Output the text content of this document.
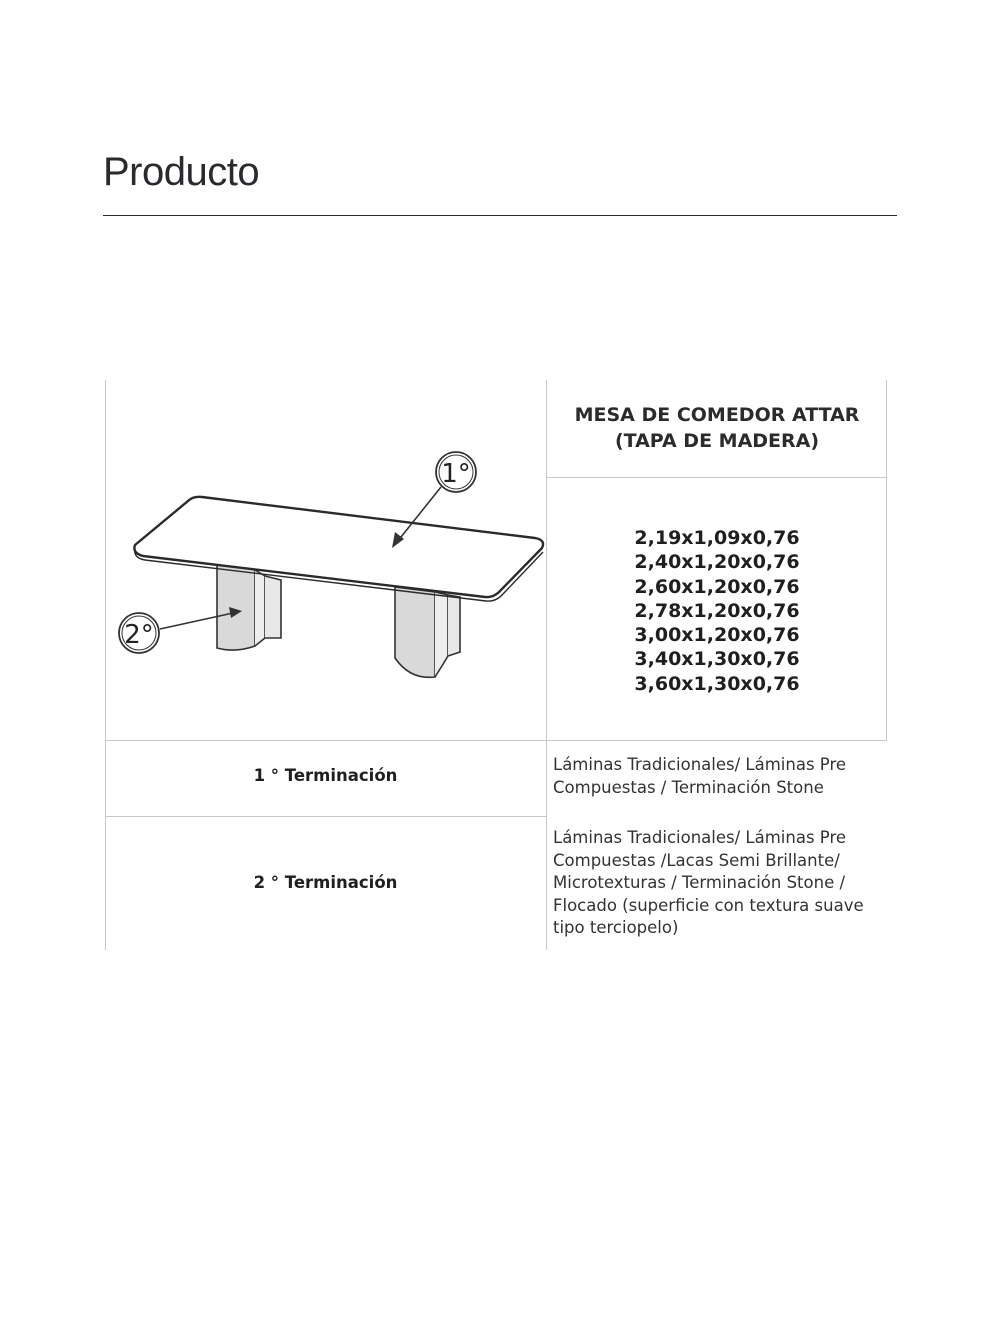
Producto
1°
2°
MESA DE COMEDOR ATTAR
(TAPA DE MADERA)
2,19x1,09x0,76
2,40x1,20x0,76
2,60x1,20x0,76
2,78x1,20x0,76
3,00x1,20x0,76
3,40x1,30x0,76
3,60x1,30x0,76
1 ° Terminación
Láminas Tradicionales/ Láminas Pre Compuestas / Terminación Stone
2 ° Terminación
Láminas Tradicionales/ Láminas Pre Compuestas /Lacas Semi Brillante/ Microtexturas / Terminación Stone / Flocado (superficie con textura suave tipo terciopelo)
